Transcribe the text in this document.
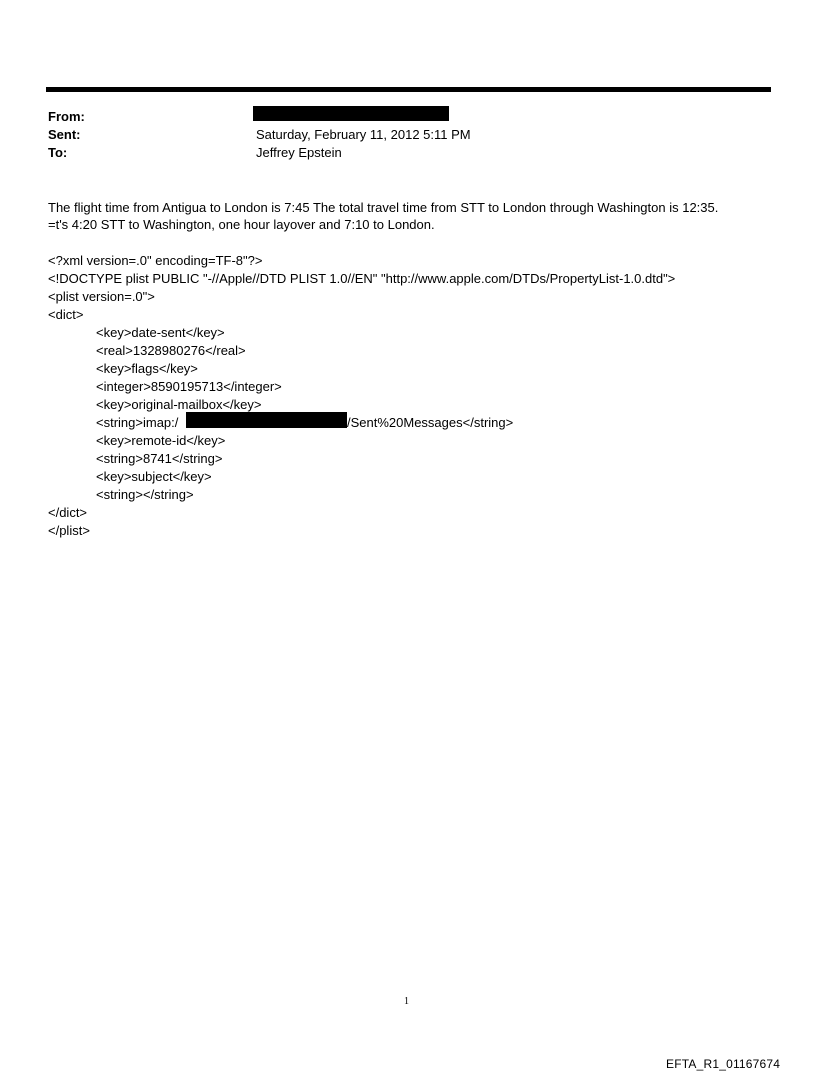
From:
Sent:	Saturday, February 11, 2012 5:11 PM
To:	Jeffrey Epstein
The flight time from Antigua to London is 7:45 The total travel time from STT to London through Washington is 12:35.
=t's 4:20 STT to Washington, one hour layover and 7:10 to London.
<?xml version=.0" encoding=TF-8"?>
<!DOCTYPE plist PUBLIC "-//Apple//DTD PLIST 1.0//EN" "http://www.apple.com/DTDs/PropertyList-1.0.dtd">
<plist version=.0">
<dict>
<key>date-sent</key>
<real>1328980276</real>
<key>flags</key>
<integer>8590195713</integer>
<key>original-mailbox</key>
<string>imap:/	/Sent%20Messages</string>
<key>remote-id</key>
<string>8741</string>
<key>subject</key>
<string></string>
</dict>
</plist>
1
EFTA_R1_01167674
